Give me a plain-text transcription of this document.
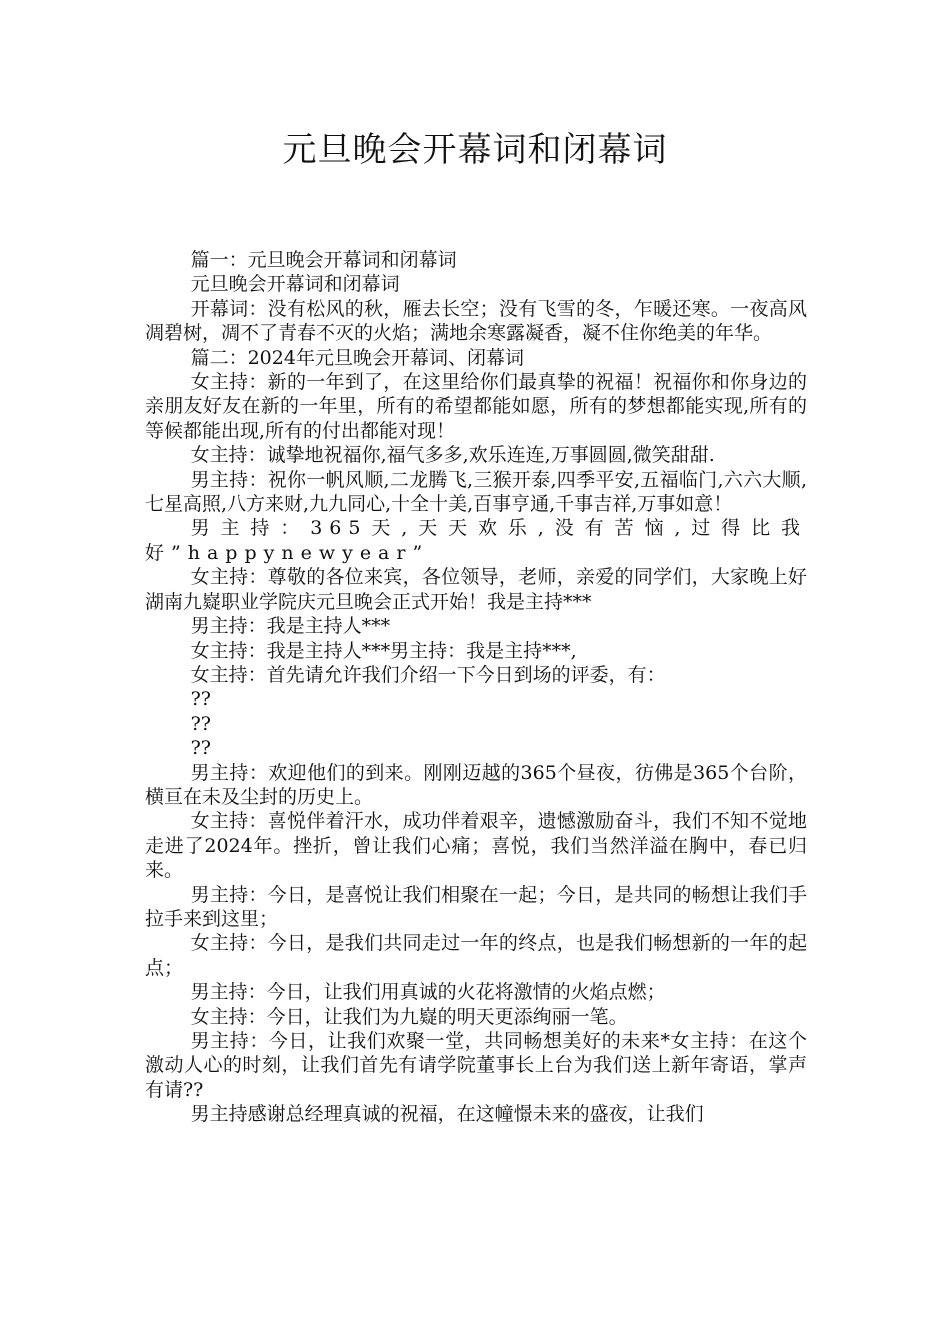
元旦晚会开幕词和闭幕词

篇一：元旦晚会开幕词和闭幕词

元旦晚会开幕词和闭幕词

开幕词：没有松风的秋，雁去长空；没有飞雪的冬，乍暖还寒。一夜高风凋碧树，凋不了青春不灭的火焰；满地余寒露凝香，凝不住你绝美的年华。

篇二：2024年元旦晚会开幕词、闭幕词

女主持：新的一年到了，在这里给你们最真挚的祝福！祝福你和你身边的亲朋友好友在新的一年里，所有的希望都能如愿，所有的梦想都能实现,所有的等候都能出现,所有的付出都能对现！

女主持：诚挚地祝福你,福气多多,欢乐连连,万事圆圆,微笑甜甜.

男主持：祝你一帆风顺,二龙腾飞,三猴开泰,四季平安,五福临门,六六大顺,七星高照,八方来财,九九同心,十全十美,百事亨通,千事吉祥,万事如意！

男主持：365天,天天欢乐,没有苦恼,过得比我好”happynewyear”

女主持：尊敬的各位来宾，各位领导，老师，亲爱的同学们，大家晚上好湖南九嶷职业学院庆元旦晚会正式开始！我是主持***

男主持：我是主持人***

女主持：我是主持人***男主持：我是主持***,

女主持：首先请允许我们介绍一下今日到场的评委，有：

??

??

??

男主持：欢迎他们的到来。刚刚迈越的365个昼夜，彷佛是365个台阶，横亘在未及尘封的历史上。

女主持：喜悦伴着汗水，成功伴着艰辛，遗憾激励奋斗，我们不知不觉地走进了2024年。挫折，曾让我们心痛；喜悦，我们当然洋溢在胸中，春已归来。

男主持：今日，是喜悦让我们相聚在一起；今日，是共同的畅想让我们手拉手来到这里；

女主持：今日，是我们共同走过一年的终点，也是我们畅想新的一年的起点；

男主持：今日，让我们用真诚的火花将激情的火焰点燃；

女主持：今日，让我们为九嶷的明天更添绚丽一笔。

男主持：今日，让我们欢聚一堂，共同畅想美好的未来*女主持：在这个激动人心的时刻，让我们首先有请学院董事长上台为我们送上新年寄语，掌声有请??

男主持感谢总经理真诚的祝福，在这幢憬未来的盛夜，让我们
